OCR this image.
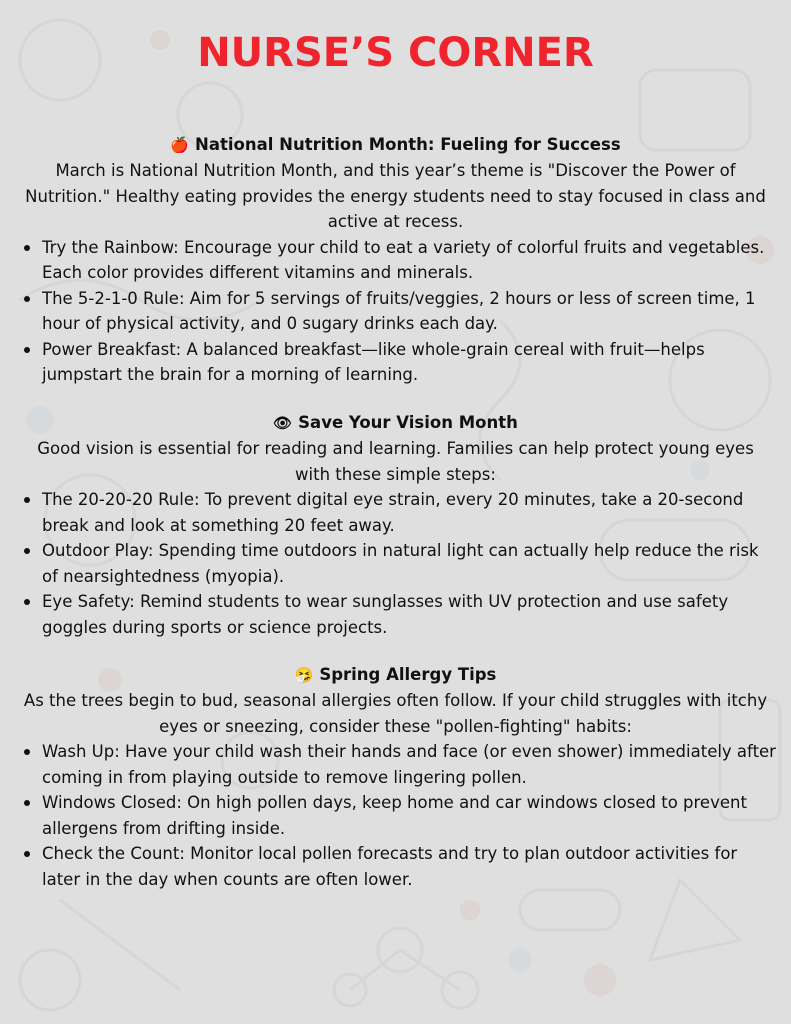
NURSE’S CORNER
🍎 National Nutrition Month: Fueling for Success
March is National Nutrition Month, and this year’s theme is "Discover the Power of Nutrition." Healthy eating provides the energy students need to stay focused in class and active at recess.
Try the Rainbow: Encourage your child to eat a variety of colorful fruits and vegetables. Each color provides different vitamins and minerals.
The 5-2-1-0 Rule: Aim for 5 servings of fruits/veggies, 2 hours or less of screen time, 1 hour of physical activity, and 0 sugary drinks each day.
Power Breakfast: A balanced breakfast—like whole-grain cereal with fruit—helps jumpstart the brain for a morning of learning.
👁 Save Your Vision Month
Good vision is essential for reading and learning. Families can help protect young eyes with these simple steps:
The 20-20-20 Rule: To prevent digital eye strain, every 20 minutes, take a 20-second break and look at something 20 feet away.
Outdoor Play: Spending time outdoors in natural light can actually help reduce the risk of nearsightedness (myopia).
Eye Safety: Remind students to wear sunglasses with UV protection and use safety goggles during sports or science projects.
🤧 Spring Allergy Tips
As the trees begin to bud, seasonal allergies often follow. If your child struggles with itchy eyes or sneezing, consider these "pollen-fighting" habits:
Wash Up: Have your child wash their hands and face (or even shower) immediately after coming in from playing outside to remove lingering pollen.
Windows Closed: On high pollen days, keep home and car windows closed to prevent allergens from drifting inside.
Check the Count: Monitor local pollen forecasts and try to plan outdoor activities for later in the day when counts are often lower.
